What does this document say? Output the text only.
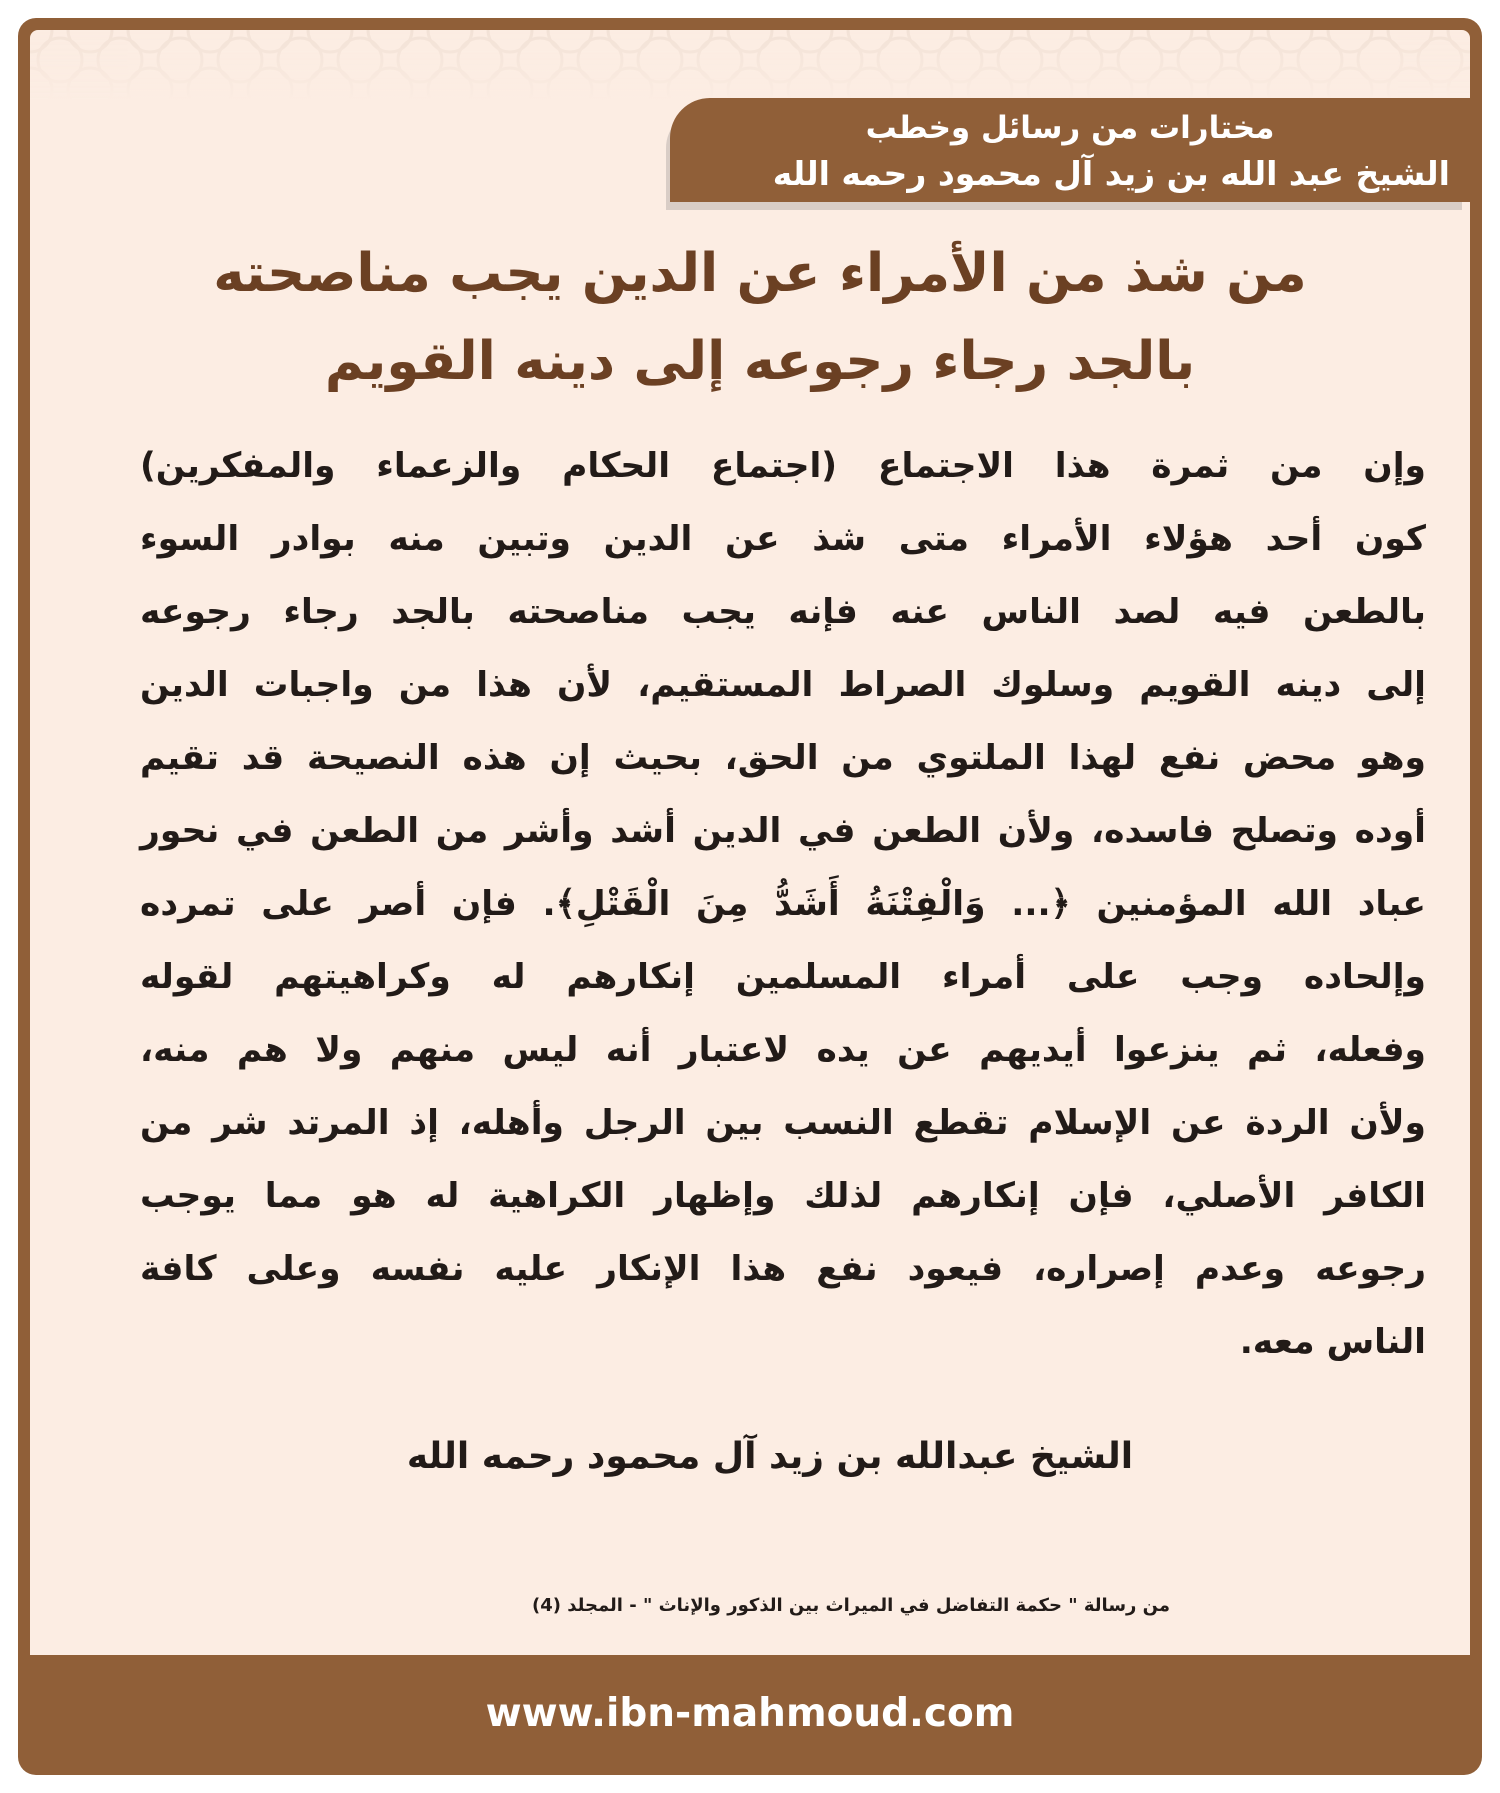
مختارات من رسائل وخطب
الشيخ عبد الله بن زيد آل محمود رحمه الله
من شذ من الأمراء عن الدين يجب مناصحته
بالجد رجاء رجوعه إلى دينه القويم
وإن من ثمرة هذا الاجتماع (اجتماع الحكام والزعماء والمفكرين)
كون أحد هؤلاء الأمراء متى شذ عن الدين وتبين منه بوادر السوء
بالطعن فيه لصد الناس عنه فإنه يجب مناصحته بالجد رجاء رجوعه
إلى دينه القويم وسلوك الصراط المستقيم، لأن هذا من واجبات الدين
وهو محض نفع لهذا الملتوي من الحق، بحيث إن هذه النصيحة قد تقيم
أوده وتصلح فاسده، ولأن الطعن في الدين أشد وأشر من الطعن في نحور
عباد الله المؤمنين ﴿... وَالْفِتْنَةُ أَشَدُّ مِنَ الْقَتْلِ﴾. فإن أصر على تمرده
وإلحاده وجب على أمراء المسلمين إنكارهم له وكراهيتهم لقوله
وفعله، ثم ينزعوا أيديهم عن يده لاعتبار أنه ليس منهم ولا هم منه،
ولأن الردة عن الإسلام تقطع النسب بين الرجل وأهله، إذ المرتد شر من
الكافر الأصلي، فإن إنكارهم لذلك وإظهار الكراهية له هو مما يوجب
رجوعه وعدم إصراره، فيعود نفع هذا الإنكار عليه نفسه وعلى كافة
الناس معه.
الشيخ عبدالله بن زيد آل محمود رحمه الله
من رسالة " حكمة التفاضل في الميراث بين الذكور والإناث " - المجلد (4)
www.ibn-mahmoud.com
